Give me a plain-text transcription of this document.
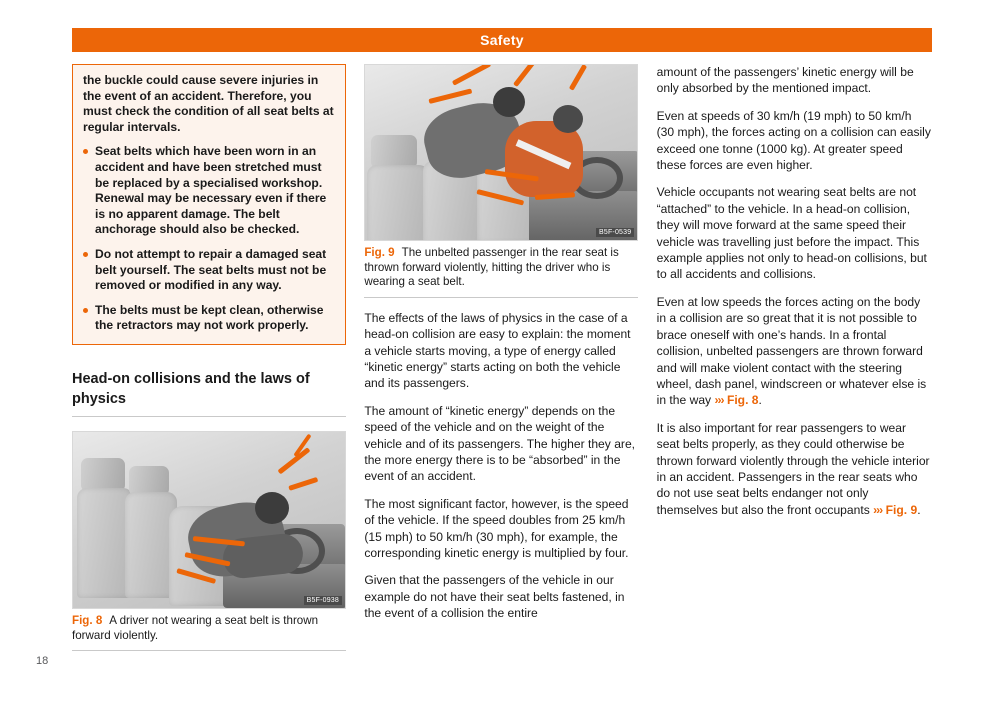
Safety
18

the buckle could cause severe injuries in the event of an accident. Therefore, you must check the condition of all seat belts at regular intervals.

Seat belts which have been worn in an accident and have been stretched must be replaced by a specialised workshop. Renewal may be necessary even if there is no apparent damage. The belt anchorage should also be checked.

Do not attempt to repair a damaged seat belt yourself. The seat belts must not be removed or modified in any way.

The belts must be kept clean, otherwise the retractors may not work properly.

Head-on collisions and the laws of physics
B5F-0938
Fig. 8 A driver not wearing a seat belt is thrown forward violently.
B5F-0539
Fig. 9 The unbelted passenger in the rear seat is thrown forward violently, hitting the driver who is wearing a seat belt.

The effects of the laws of physics in the case of a head-on collision are easy to explain: the moment a vehicle starts moving, a type of energy called “kinetic energy” starts acting on both the vehicle and its passengers.

The amount of “kinetic energy” depends on the speed of the vehicle and on the weight of the vehicle and of its passengers. The higher they are, the more energy there is to be “absorbed” in the event of an accident.

The most significant factor, however, is the speed of the vehicle. If the speed doubles from 25 km/h (15 mph) to 50 km/h (30 mph), for example, the corresponding kinetic energy is multiplied by four.

Given that the passengers of the vehicle in our example do not have their seat belts fastened, in the event of a collision the entire

amount of the passengers’ kinetic energy will be only absorbed by the mentioned impact.

Even at speeds of 30 km/h (19 mph) to 50 km/h (30 mph), the forces acting on a collision can easily exceed one tonne (1000 kg). At greater speed these forces are even higher.

Vehicle occupants not wearing seat belts are not “attached” to the vehicle. In a head-on collision, they will move forward at the same speed their vehicle was travelling just before the impact. This example applies not only to head-on collisions, but to all accidents and collisions.

Even at low speeds the forces acting on the body in a collision are so great that it is not possible to brace oneself with one’s hands. In a frontal collision, unbelted passengers are thrown forward and will make violent contact with the steering wheel, dash panel, windscreen or whatever else is in the way ››› Fig. 8.

It is also important for rear passengers to wear seat belts properly, as they could otherwise be thrown forward violently through the vehicle interior in an accident. Passengers in the rear seats who do not use seat belts endanger not only themselves but also the front occupants ››› Fig. 9.
